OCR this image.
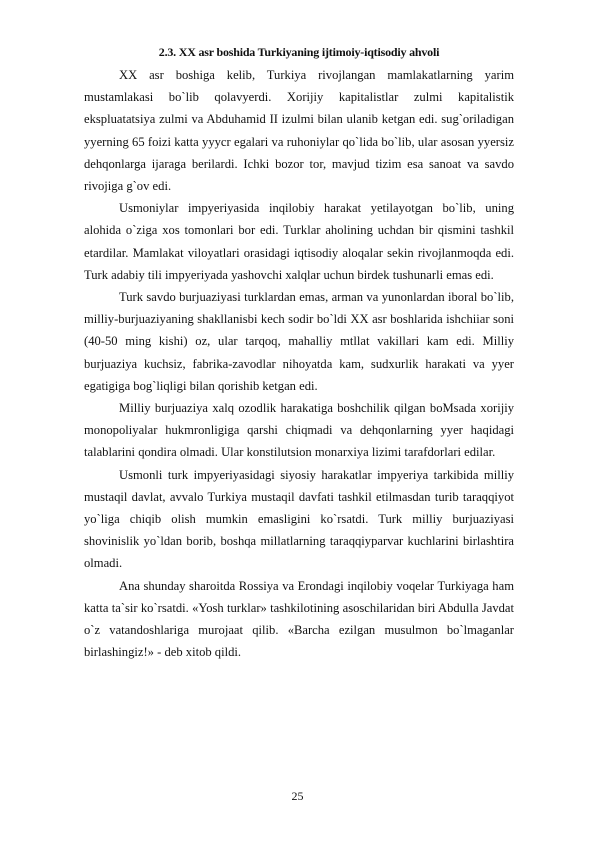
2.3. XX asr boshida Turkiyaning ijtimoiy-iqtisodiy ahvoli

XX asr boshiga kelib, Turkiya rivojlangan mamlakatlarning yarim mustamlakasi bo`lib qolavyerdi. Xorijiy kapitalistlar zulmi kapitalistik ekspluatatsiya zulmi va Abduhamid II izulmi bilan ulanib ketgan edi. sug`oriladigan yyerning 65 foizi katta yyycr egalari va ruhoniylar qo`lida bo`lib, ular asosan yyersiz dehqonlarga ijaraga berilardi. Ichki bozor tor, mavjud tizim esa sanoat va savdo rivojiga g`ov edi.

Usmoniylar impyeriyasida inqilobiy harakat yetilayotgan bo`lib, uning alohida o`ziga xos tomonlari bor edi. Turklar aholining uchdan bir qismini tashkil etardilar. Mamlakat viloyatlari orasidagi iqtisodiy aloqalar sekin rivojlanmoqda edi. Turk adabiy tili impyeriyada yashovchi xalqlar uchun birdek tushunarli emas edi.

Turk savdo burjuaziyasi turklardan emas, arman va yunonlardan iboral bo`lib, milliy-burjuaziyaning shakllanisbi kech sodir bo`ldi XX asr boshlarida ishchiiar soni (40-50 ming kishi) oz, ular tarqoq, mahalliy mtllat vakillari kam edi. Milliy burjuaziya kuchsiz, fabrika-zavodlar nihoyatda kam, sudxurlik harakati va yyer egatigiga bog`liqligi bilan qorishib ketgan edi.

Milliy burjuaziya xalq ozodlik harakatiga boshchilik qilgan boMsada xorijiy monopoliyalar hukmronligiga qarshi chiqmadi va dehqonlarning yyer haqidagi talablarini qondira olmadi. Ular konstilutsion monarxiya lizimi tarafdorlari edilar.

Usmonli turk impyeriyasidagi siyosiy harakatlar impyeriya tarkibida milliy mustaqil davlat, avvalo Turkiya mustaqil davfati tashkil etilmasdan turib taraqqiyot yo`liga chiqib olish mumkin emasligini ko`rsatdi. Turk milliy burjuaziyasi shovinislik yo`ldan borib, boshqa millatlarning taraqqiyparvar kuchlarini birlashtira olmadi.

Ana shunday sharoitda Rossiya va Erondagi inqilobiy voqelar Turkiyaga ham katta ta`sir ko`rsatdi. «Yosh turklar» tashkilotining asoschilaridan biri Abdulla Javdat o`z vatandoshlariga murojaat qilib. «Barcha ezilgan musulmon bo`lmaganlar birlashingiz!» - deb xitob qildi.

25
